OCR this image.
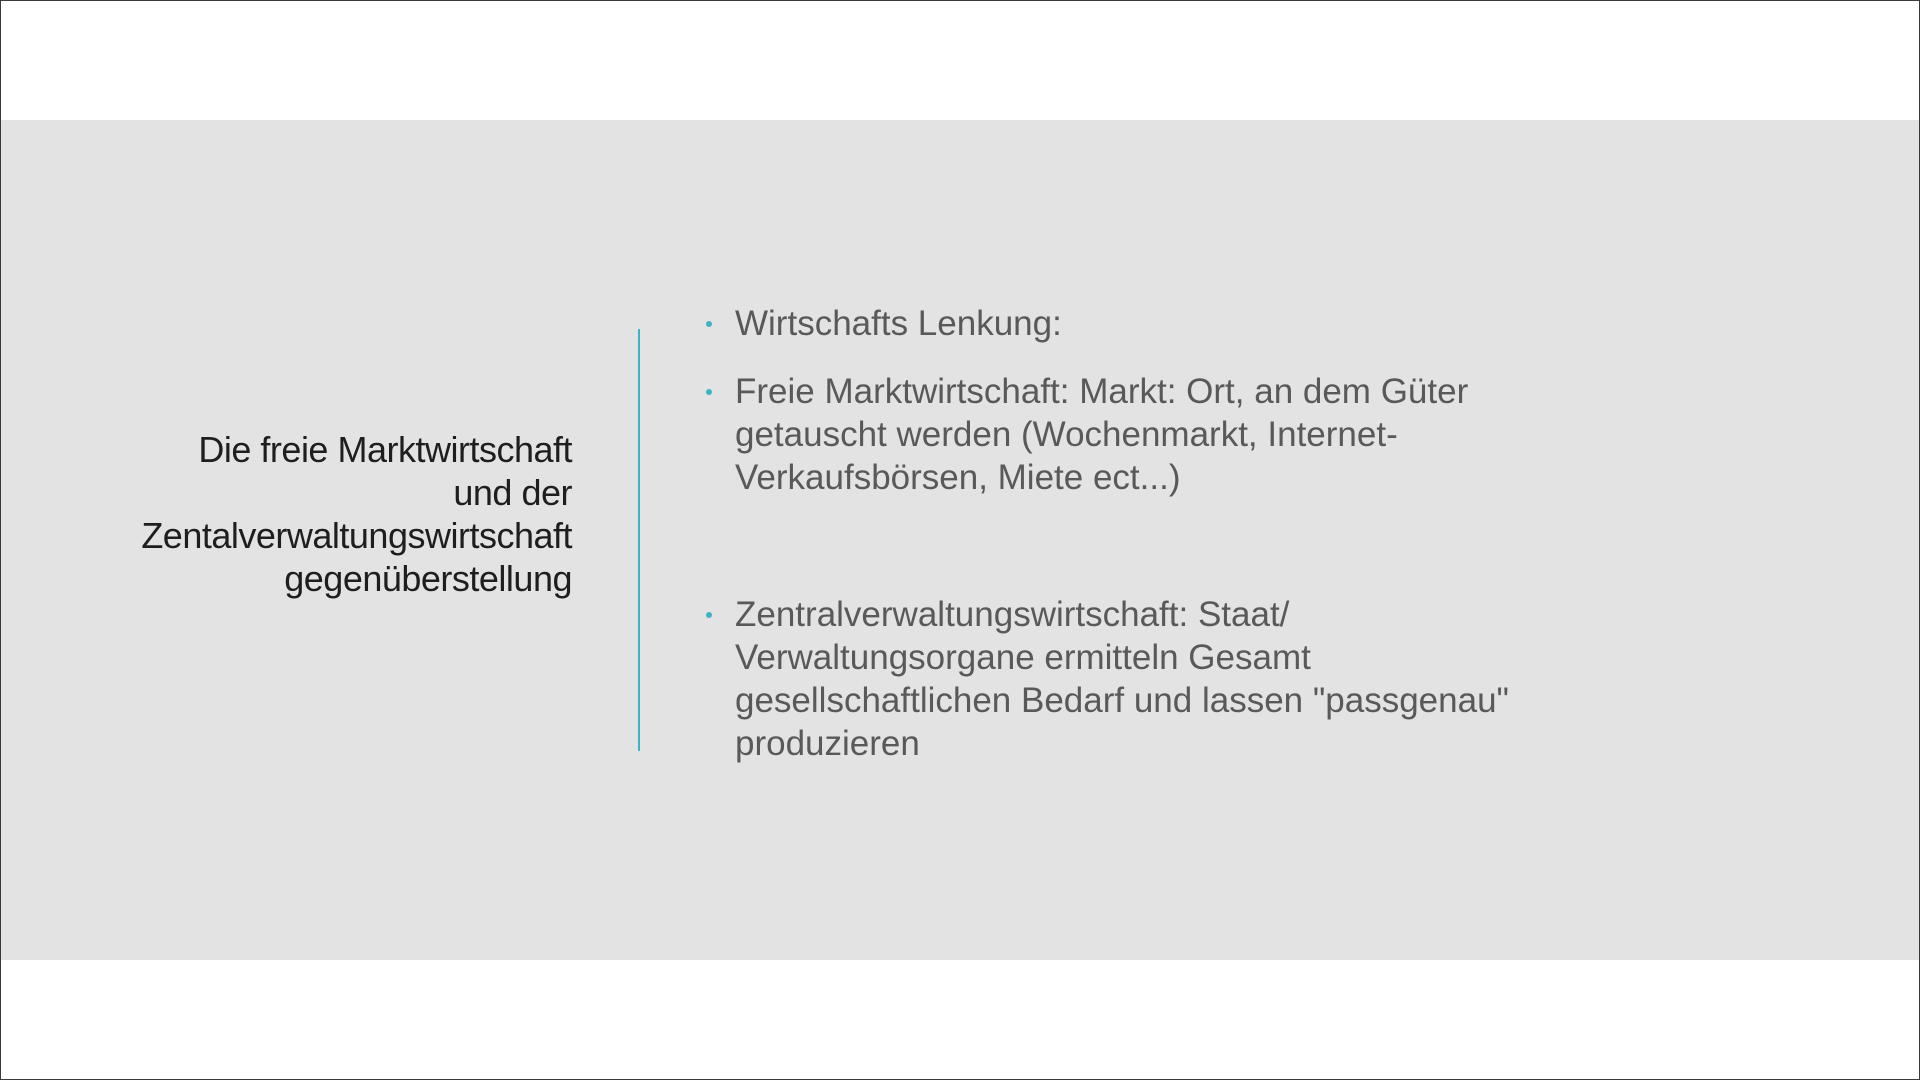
Die freie Marktwirtschaft
und der
Zentalverwaltungswirtschaft
gegenüberstellung
Wirtschafts Lenkung:
Freie Marktwirtschaft: Markt: Ort, an dem Güter
getauscht werden (Wochenmarkt, Internet-
Verkaufsbörsen, Miete ect...)
Zentralverwaltungswirtschaft: Staat/
Verwaltungsorgane ermitteln Gesamt
gesellschaftlichen Bedarf und lassen "passgenau"
produzieren
